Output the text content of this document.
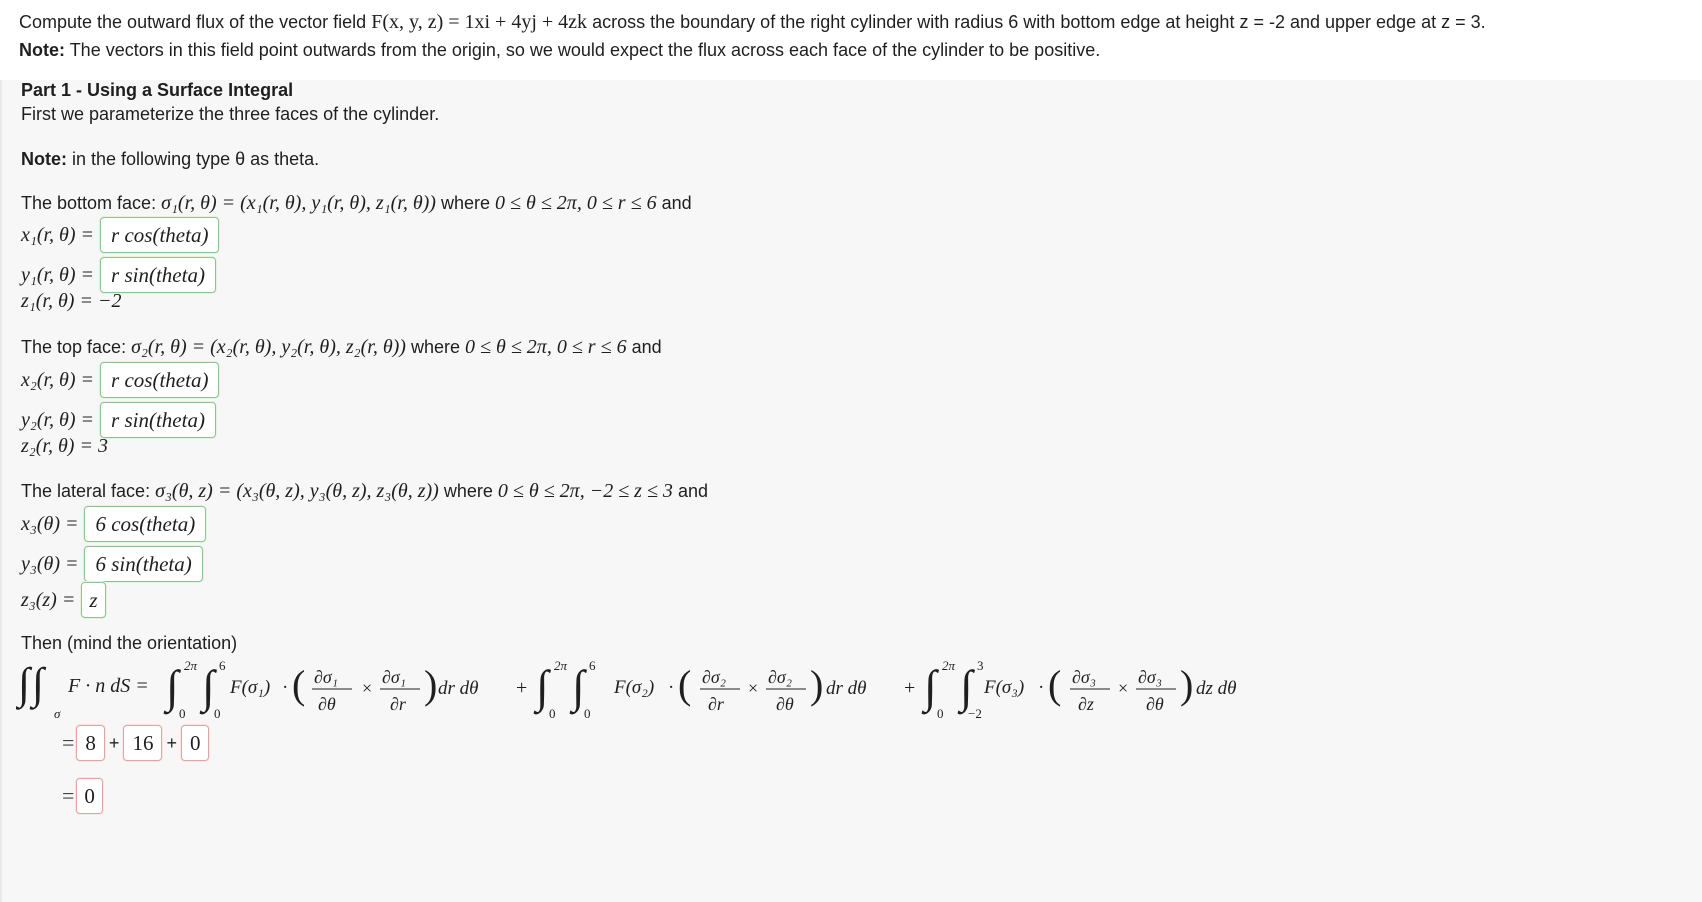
Compute the outward flux of the vector field F(x, y, z) = 1xi + 4yj + 4zk across the boundary of the right cylinder with radius 6 with bottom edge at height z = -2 and upper edge at z = 3.
Note: The vectors in this field point outwards from the origin, so we would expect the flux across each face of the cylinder to be positive.
Part 1 - Using a Surface Integral
First we parameterize the three faces of the cylinder.
Note: in the following type θ as theta.
The bottom face: σ₁(r, θ) = (x₁(r, θ), y₁(r, θ), z₁(r, θ)) where 0 ≤ θ ≤ 2π, 0 ≤ r ≤ 6 and
x₁(r, θ) = r cos(theta)
y₁(r, θ) = r sin(theta)
z₁(r, θ) = −2
The top face: σ₂(r, θ) = (x₂(r, θ), y₂(r, θ), z₂(r, θ)) where 0 ≤ θ ≤ 2π, 0 ≤ r ≤ 6 and
x₂(r, θ) = r cos(theta)
y₂(r, θ) = r sin(theta)
z₂(r, θ) = 3
The lateral face: σ₃(θ, z) = (x₃(θ, z), y₃(θ, z), z₃(θ, z)) where 0 ≤ θ ≤ 2π, −2 ≤ z ≤ 3 and
x₃(θ) = 6 cos(theta)
y₃(θ) = 6 sin(theta)
z₃(z) = z
Then (mind the orientation)
∫ ∫
σ
F · n dS = ∫ 2π
0
∫ 6
0
F(σ₁) · ( ∂σ₁
∂θ
×
∂σ₁
∂r ) dr dθ + ∫ 2π
0
∫ 6
0
F(σ₂) · ( ∂σ₂
∂r
×
∂σ₂
∂θ ) dr dθ + ∫ 2π
0
∫ 3
−2
F(σ₃) · ( ∂σ₃
∂z
×
∂σ₃
∂θ ) dz dθ
= 8 + 16 + 0
= 0
